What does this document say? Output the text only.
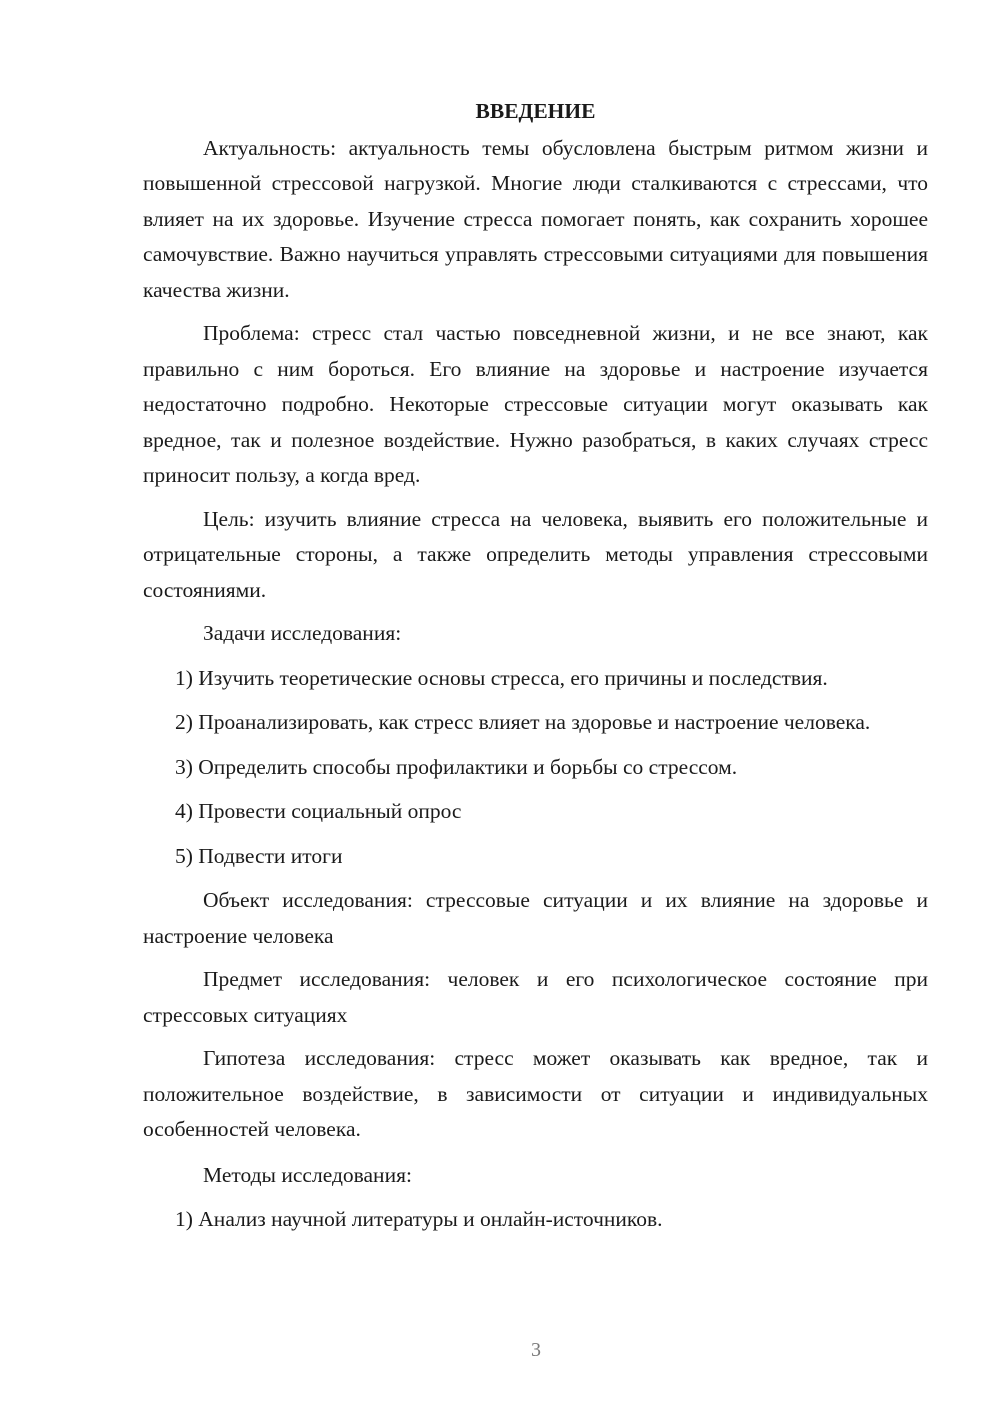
ВВЕДЕНИЕ

Актуальность: актуальность темы обусловлена быстрым ритмом жизни и повышенной стрессовой нагрузкой. Многие люди сталкиваются с стрессами, что влияет на их здоровье. Изучение стресса помогает понять, как сохранить хорошее самочувствие. Важно научиться управлять стрессовыми ситуациями для повышения качества жизни.

Проблема: стресс стал частью повседневной жизни, и не все знают, как правильно с ним бороться. Его влияние на здоровье и настроение изучается недостаточно подробно. Некоторые стрессовые ситуации могут оказывать как вредное, так и полезное воздействие. Нужно разобраться, в каких случаях стресс приносит пользу, а когда вред.

Цель: изучить влияние стресса на человека, выявить его положительные и отрицательные стороны, а также определить методы управления стрессовыми состояниями.

Задачи исследования:

1) Изучить теоретические основы стресса, его причины и последствия.

2) Проанализировать, как стресс влияет на здоровье и настроение человека.

3) Определить способы профилактики и борьбы со стрессом.

4) Провести социальный опрос

5) Подвести итоги

Объект исследования: стрессовые ситуации и их влияние на здоровье и настроение человека

Предмет исследования: человек и его психологическое состояние при стрессовых ситуациях

Гипотеза исследования: стресс может оказывать как вредное, так и положительное воздействие, в зависимости от ситуации и индивидуальных особенностей человека.

Методы исследования:

1) Анализ научной литературы и онлайн-источников.

3
